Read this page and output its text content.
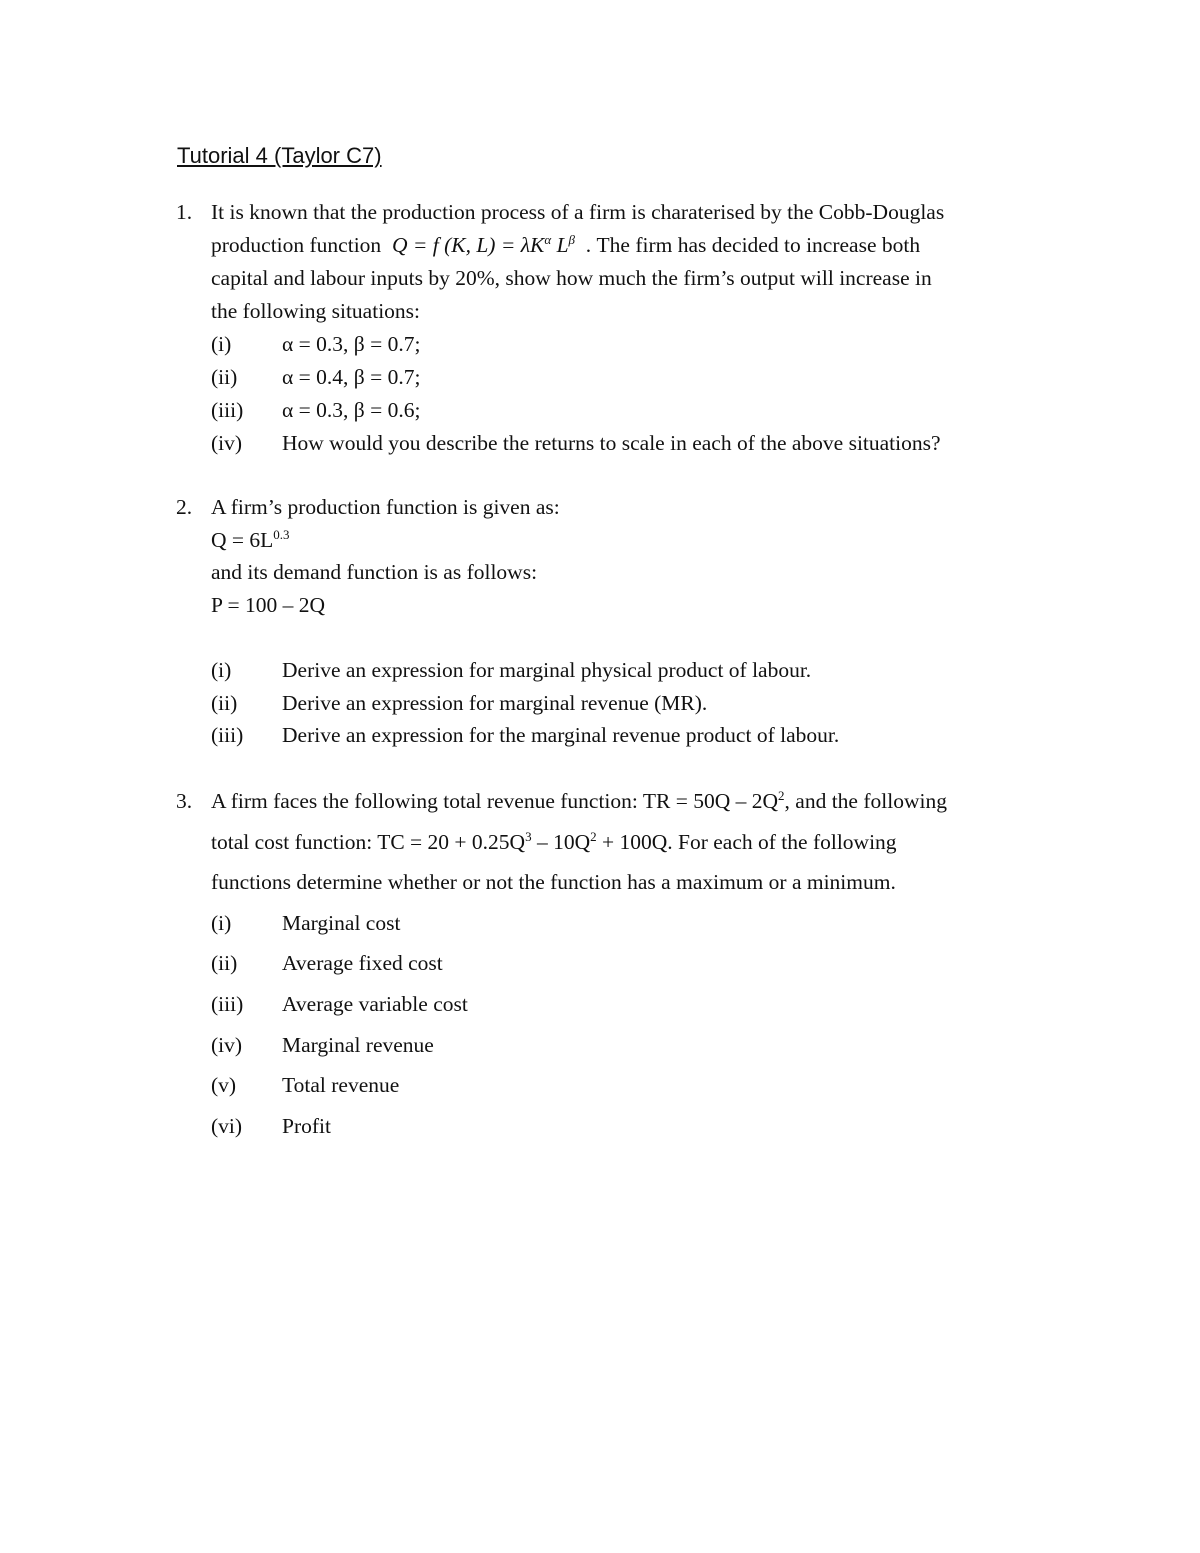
Tutorial 4 (Taylor C7)
1. It is known that the production process of a firm is charaterised by the Cobb-Douglas
production function Q = f (K, $L) = \lambda K^\alpha$ $L^\beta$ . The firm has decided to increase both
capital and labour inputs by 20%, show how much the firm’s output will increase in
the following situations:
(i) α = 0.3, β = 0.7;
(ii) α = 0.4, β = 0.7;
(iii) α = 0.3, β = 0.6;
(iv) How would you describe the returns to scale in each of the above situations?
2. A firm’s production function is given as:
$Q = 6L^{0.3}$
and its demand function is as follows:
P = 100 – 2Q
(i) Derive an expression for marginal physical product of labour.
(ii) Derive an expression for marginal revenue (MR).
(iii) Derive an expression for the marginal revenue product of labour.
3. A firm faces the following total revenue function: TR = $50Q - 2Q^2$, and the following
total cost function: TC = $20 + 0.25Q^3 - 10Q^2 + 100Q$. For each of the following
functions determine whether or not the function has a maximum or a minimum.
(i) Marginal cost
(ii) Average fixed cost
(iii) Average variable cost
(iv) Marginal revenue
(v) Total revenue
(vi) Profit
